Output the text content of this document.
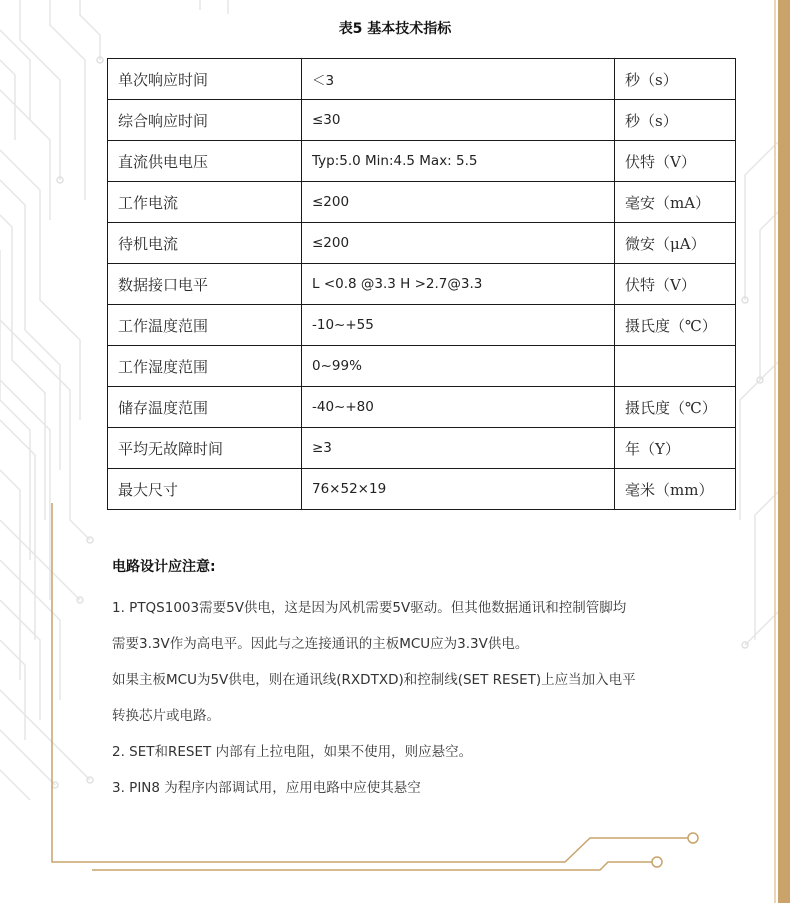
表5 基本技术指标
单次响应时间	＜3	秒（s）
综合响应时间	≤30	秒（s）
直流供电电压	Typ:5.0 Min:4.5 Max: 5.5	伏特（V）
工作电流	≤200	毫安（mA）
待机电流	≤200	微安（μA）
数据接口电平	L <0.8 @3.3 H >2.7@3.3	伏特（V）
工作温度范围	-10~+55	摄氏度（℃）
工作湿度范围	0~99%	
储存温度范围	-40~+80	摄氏度（℃）
平均无故障时间	≥3	年（Y）
最大尺寸	76×52×19	毫米（mm）
电路设计应注意:
1. PTQS1003需要5V供电，这是因为风机需要5V驱动。但其他数据通讯和控制管脚均
需要3.3V作为高电平。因此与之连接通讯的主板MCU应为3.3V供电。
如果主板MCU为5V供电，则在通讯线(RXDTXD)和控制线(SET RESET)上应当加入电平
转换芯片或电路。
2. SET和RESET 内部有上拉电阻，如果不使用，则应悬空。
3. PIN8 为程序内部调试用，应用电路中应使其悬空
